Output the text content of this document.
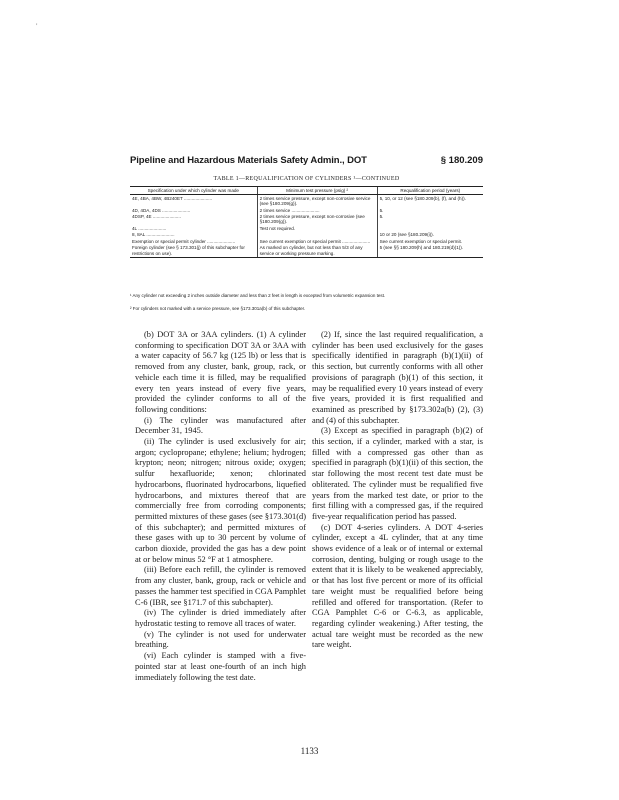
,
Pipeline and Hazardous Materials Safety Admin., DOT	§ 180.209
TABLE 1—REQUALIFICATION OF CYLINDERS ¹—CONTINUED
Specification under which cylinder was made	Minimum test pressure (psig) ²	Requalification period (years)
4E, 4BA, 4BW, 4B240ET ......................	2 times service pressure, except non-corrosive service (see §180.209(g)).	5, 10, or 12 (see §180.209(b), (f), and (h)).
4D, 4DA, 4DS ......................	2 times service ......................	5.
4DSP, 4E ......................	2 times service pressure, except non-corrosive (see §180.209(g)).	5.
4L ......................	Test not required.	
8, 8AL ......................		10 or 20 (see §180.209(i)).
Exemption or special permit cylinder ......................	See current exemption or special permit ......................	See current exemption or special permit.
Foreign cylinder (see § 173.301(j) of this subchapter for restrictions on use).	As marked on cylinder, but not less than 5/3 of any service or working pressure marking.	5 (see §§ 180.209(h) and 180.219(d)(1)).
¹ Any cylinder not exceeding 2 inches outside diameter and less than 2 feet in length is excepted from volumetric expansion test.
² For cylinders not marked with a service pressure, see §173.301a(b) of this subchapter.

(b) DOT 3A or 3AA cylinders. (1) A cylinder conforming to specification DOT 3A or 3AA with a water capacity of 56.7 kg (125 lb) or less that is removed from any cluster, bank, group, rack, or vehicle each time it is filled, may be requalified every ten years instead of every five years, provided the cylinder conforms to all of the following conditions:

(i) The cylinder was manufactured after December 31, 1945.

(ii) The cylinder is used exclusively for air; argon; cyclopropane; ethylene; helium; hydrogen; krypton; neon; nitrogen; nitrous oxide; oxygen; sulfur hexafluoride; xenon; chlorinated hydrocarbons, fluorinated hydrocarbons, liquefied hydrocarbons, and mixtures thereof that are commercially free from corroding components; permitted mixtures of these gases (see §173.301(d) of this subchapter); and permitted mixtures of these gases with up to 30 percent by volume of carbon dioxide, provided the gas has a dew point at or below minus 52 °F at 1 atmosphere.

(iii) Before each refill, the cylinder is removed from any cluster, bank, group, rack or vehicle and passes the hammer test specified in CGA Pamphlet C-6 (IBR, see §171.7 of this subchapter).

(iv) The cylinder is dried immediately after hydrostatic testing to remove all traces of water.

(v) The cylinder is not used for underwater breathing.

(vi) Each cylinder is stamped with a five-pointed star at least one-fourth of an inch high immediately following the test date.

(2) If, since the last required requalification, a cylinder has been used exclusively for the gases specifically identified in paragraph (b)(1)(ii) of this section, but currently conforms with all other provisions of paragraph (b)(1) of this section, it may be requalified every 10 years instead of every five years, provided it is first requalified and examined as prescribed by §173.302a(b) (2), (3) and (4) of this subchapter.

(3) Except as specified in paragraph (b)(2) of this section, if a cylinder, marked with a star, is filled with a compressed gas other than as specified in paragraph (b)(1)(ii) of this section, the star following the most recent test date must be obliterated. The cylinder must be requalified five years from the marked test date, or prior to the first filling with a compressed gas, if the required five-year requalification period has passed.

(c) DOT 4-series cylinders. A DOT 4-series cylinder, except a 4L cylinder, that at any time shows evidence of a leak or of internal or external corrosion, denting, bulging or rough usage to the extent that it is likely to be weakened appreciably, or that has lost five percent or more of its official tare weight must be requalified before being refilled and offered for transportation. (Refer to CGA Pamphlet C-6 or C-6.3, as applicable, regarding cylinder weakening.) After testing, the actual tare weight must be recorded as the new tare weight.

1133
